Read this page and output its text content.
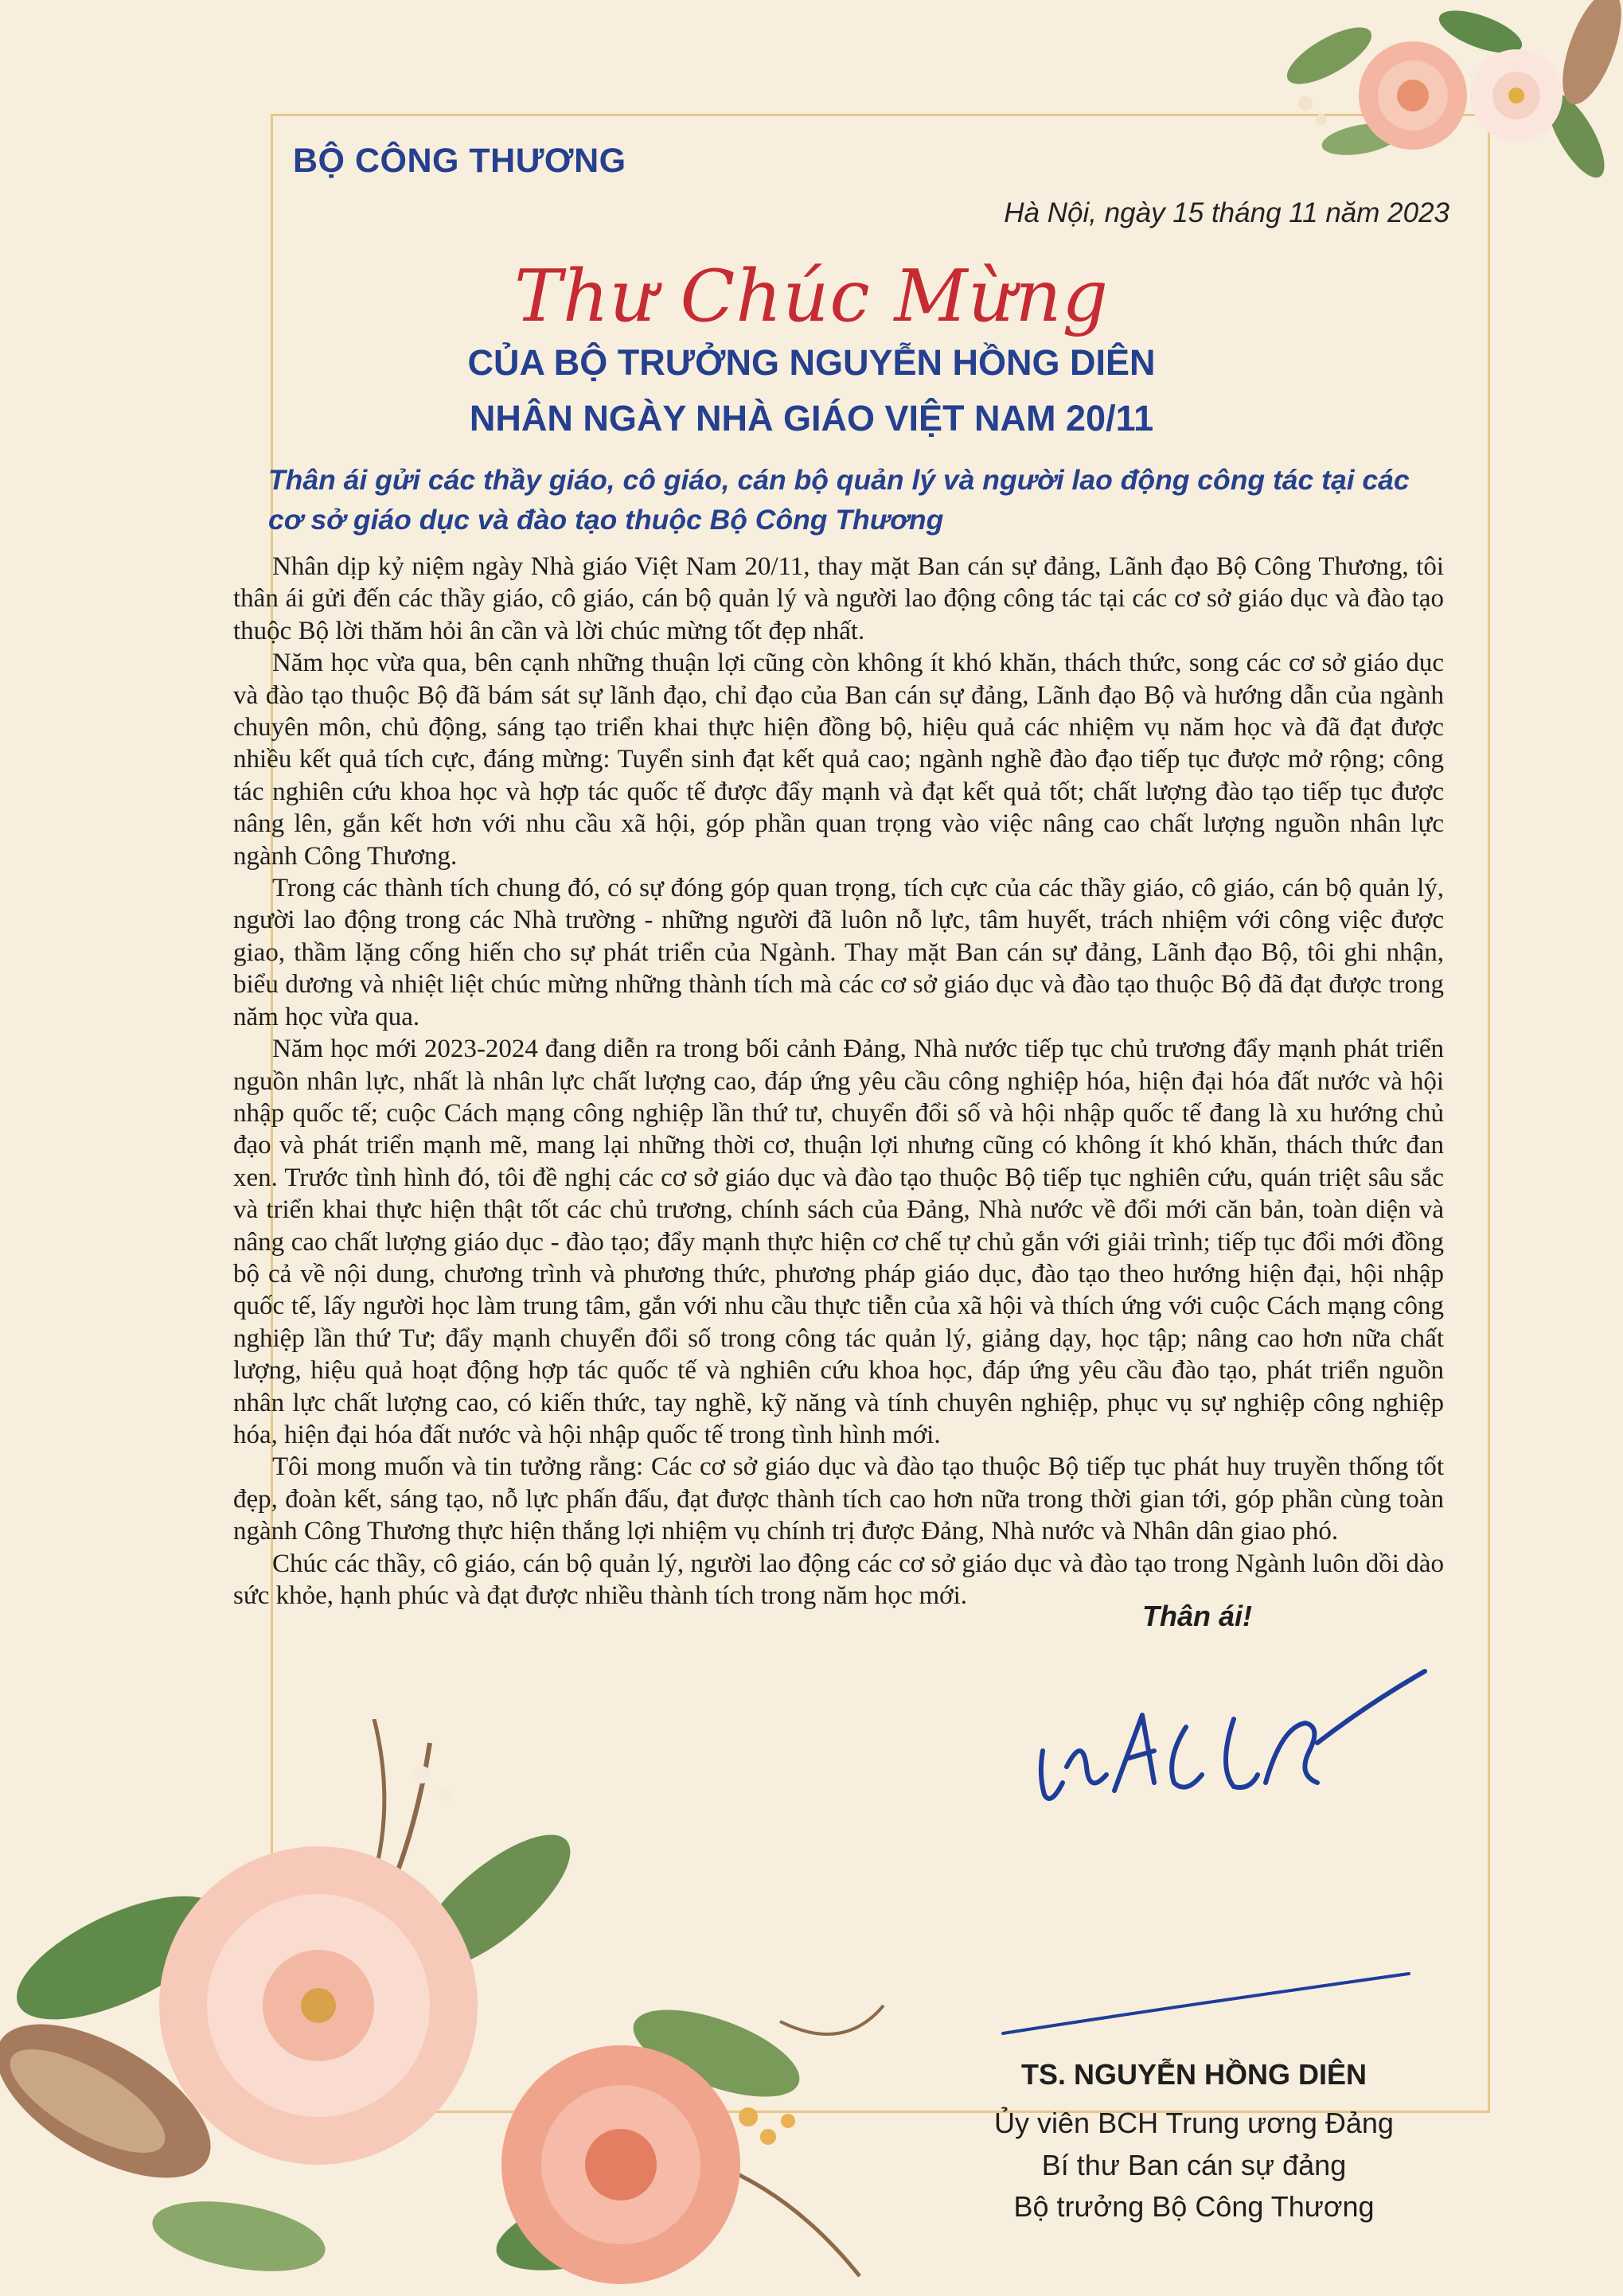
BỘ CÔNG THƯƠNG
Hà Nội, ngày 15 tháng 11 năm 2023
Thư Chúc Mừng
CỦA BỘ TRƯỞNG NGUYỄN HỒNG DIÊN
NHÂN NGÀY NHÀ GIÁO VIỆT NAM 20/11
Thân ái gửi các thầy giáo, cô giáo, cán bộ quản lý và người lao động công tác tại các
cơ sở giáo dục và đào tạo thuộc Bộ Công Thương

Nhân dịp kỷ niệm ngày Nhà giáo Việt Nam 20/11, thay mặt Ban cán sự đảng, Lãnh đạo Bộ Công Thương, tôi thân ái gửi đến các thầy giáo, cô giáo, cán bộ quản lý và người lao động công tác tại các cơ sở giáo dục và đào tạo thuộc Bộ lời thăm hỏi ân cần và lời chúc mừng tốt đẹp nhất.

Năm học vừa qua, bên cạnh những thuận lợi cũng còn không ít khó khăn, thách thức, song các cơ sở giáo dục và đào tạo thuộc Bộ đã bám sát sự lãnh đạo, chỉ đạo của Ban cán sự đảng, Lãnh đạo Bộ và hướng dẫn của ngành chuyên môn, chủ động, sáng tạo triển khai thực hiện đồng bộ, hiệu quả các nhiệm vụ năm học và đã đạt được nhiều kết quả tích cực, đáng mừng: Tuyển sinh đạt kết quả cao; ngành nghề đào đạo tiếp tục được mở rộng; công tác nghiên cứu khoa học và hợp tác quốc tế được đẩy mạnh và đạt kết quả tốt; chất lượng đào tạo tiếp tục được nâng lên, gắn kết hơn với nhu cầu xã hội, góp phần quan trọng vào việc nâng cao chất lượng nguồn nhân lực ngành Công Thương.

Trong các thành tích chung đó, có sự đóng góp quan trọng, tích cực của các thầy giáo, cô giáo, cán bộ quản lý, người lao động trong các Nhà trường - những người đã luôn nỗ lực, tâm huyết, trách nhiệm với công việc được giao, thầm lặng cống hiến cho sự phát triển của Ngành. Thay mặt Ban cán sự đảng, Lãnh đạo Bộ, tôi ghi nhận, biểu dương và nhiệt liệt chúc mừng những thành tích mà các cơ sở giáo dục và đào tạo thuộc Bộ đã đạt được trong năm học vừa qua.

Năm học mới 2023-2024 đang diễn ra trong bối cảnh Đảng, Nhà nước tiếp tục chủ trương đẩy mạnh phát triển nguồn nhân lực, nhất là nhân lực chất lượng cao, đáp ứng yêu cầu công nghiệp hóa, hiện đại hóa đất nước và hội nhập quốc tế; cuộc Cách mạng công nghiệp lần thứ tư, chuyển đổi số và hội nhập quốc tế đang là xu hướng chủ đạo và phát triển mạnh mẽ, mang lại những thời cơ, thuận lợi nhưng cũng có không ít khó khăn, thách thức đan xen. Trước tình hình đó, tôi đề nghị các cơ sở giáo dục và đào tạo thuộc Bộ tiếp tục nghiên cứu, quán triệt sâu sắc và triển khai thực hiện thật tốt các chủ trương, chính sách của Đảng, Nhà nước về đổi mới căn bản, toàn diện và nâng cao chất lượng giáo dục - đào tạo; đẩy mạnh thực hiện cơ chế tự chủ gắn với giải trình; tiếp tục đổi mới đồng bộ cả về nội dung, chương trình và phương thức, phương pháp giáo dục, đào tạo theo hướng hiện đại, hội nhập quốc tế, lấy người học làm trung tâm, gắn với nhu cầu thực tiễn của xã hội và thích ứng với cuộc Cách mạng công nghiệp lần thứ Tư; đẩy mạnh chuyển đổi số trong công tác quản lý, giảng dạy, học tập; nâng cao hơn nữa chất lượng, hiệu quả hoạt động hợp tác quốc tế và nghiên cứu khoa học, đáp ứng yêu cầu đào tạo, phát triển nguồn nhân lực chất lượng cao, có kiến thức, tay nghề, kỹ năng và tính chuyên nghiệp, phục vụ sự nghiệp công nghiệp hóa, hiện đại hóa đất nước và hội nhập quốc tế trong tình hình mới.

Tôi mong muốn và tin tưởng rằng: Các cơ sở giáo dục và đào tạo thuộc Bộ tiếp tục phát huy truyền thống tốt đẹp, đoàn kết, sáng tạo, nỗ lực phấn đấu, đạt được thành tích cao hơn nữa trong thời gian tới, góp phần cùng toàn ngành Công Thương thực hiện thắng lợi nhiệm vụ chính trị được Đảng, Nhà nước và Nhân dân giao phó.

Chúc các thầy, cô giáo, cán bộ quản lý, người lao động các cơ sở giáo dục và đào tạo trong Ngành luôn dồi dào sức khỏe, hạnh phúc và đạt được nhiều thành tích trong năm học mới.

Thân ái!
TS. NGUYỄN HỒNG DIÊN
Ủy viên BCH Trung ương Đảng
Bí thư Ban cán sự đảng
Bộ trưởng Bộ Công Thương
